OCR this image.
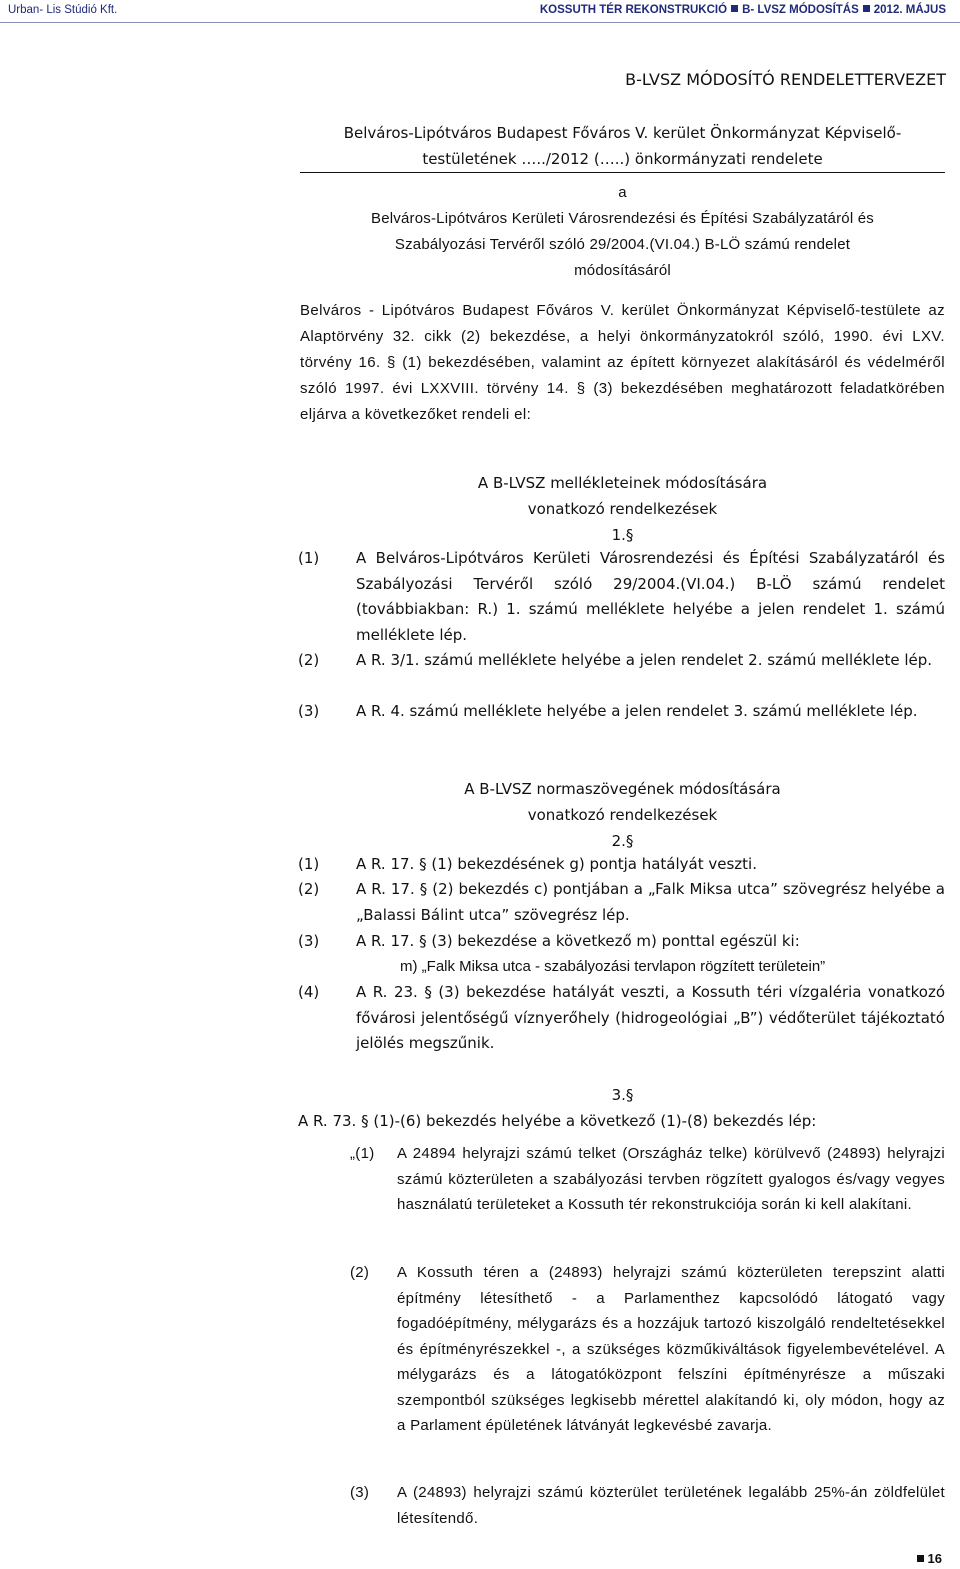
Urban- Lis Stúdió Kft.	KOSSUTH TÉR REKONSTRUKCIÓ B- LVSZ MÓDOSÍTÁS 2012. MÁJUS
B-LVSZ MÓDOSÍTÓ RENDELETTERVEZET
Belváros-Lipótváros Budapest Főváros V. kerület Önkormányzat Képviselő-
testületének …../2012 (…..) önkormányzati rendelete
a
Belváros-Lipótváros Kerületi Városrendezési és Építési Szabályzatáról és
Szabályozási Tervéről szóló 29/2004.(VI.04.) B-LÖ számú rendelet
módosításáról
Belváros - Lipótváros Budapest Főváros V. kerület Önkormányzat Képviselő-testülete az Alaptörvény 32. cikk (2) bekezdése, a helyi önkormányzatokról szóló, 1990. évi LXV. törvény 16. § (1) bekezdésében, valamint az épített környezet alakításáról és védelméről szóló 1997. évi LXXVIII. törvény 14. § (3) bekezdésében meghatározott feladatkörében eljárva a következőket rendeli el:
A B-LVSZ mellékleteinek módosítására
vonatkozó rendelkezések
1.§
(1)	A Belváros-Lipótváros Kerületi Városrendezési és Építési Szabályzatáról és Szabályozási Tervéről szóló 29/2004.(VI.04.) B-LÖ számú rendelet (továbbiakban: R.) 1. számú melléklete helyébe a jelen rendelet 1. számú melléklete lép.
(2)	A R. 3/1. számú melléklete helyébe a jelen rendelet 2. számú melléklete lép.
(3)	A R. 4. számú melléklete helyébe a jelen rendelet 3. számú melléklete lép.
A B-LVSZ normaszövegének módosítására
vonatkozó rendelkezések
2.§
(1)	A R. 17. § (1) bekezdésének g) pontja hatályát veszti.
(2)	A R. 17. § (2) bekezdés c) pontjában a „Falk Miksa utca” szövegrész helyébe a „Balassi Bálint utca” szövegrész lép.
(3)	A R. 17. § (3) bekezdése a következő m) ponttal egészül ki:
m) „Falk Miksa utca - szabályozási tervlapon rögzített területein”
(4)	A R. 23. § (3) bekezdése hatályát veszti, a Kossuth téri vízgaléria vonatkozó fővárosi jelentőségű víznyerőhely (hidrogeológiai „B”) védőterület tájékoztató jelölés megszűnik.
3.§
A R. 73. § (1)-(6) bekezdés helyébe a következő (1)-(8) bekezdés lép:
„(1)	A 24894 helyrajzi számú telket (Országház telke) körülvevő (24893) helyrajzi számú közterületen a szabályozási tervben rögzített gyalogos és/vagy vegyes használatú területeket a Kossuth tér rekonstrukciója során ki kell alakítani.
(2)	A Kossuth téren a (24893) helyrajzi számú közterületen terepszint alatti építmény létesíthető - a Parlamenthez kapcsolódó látogató vagy fogadóépítmény, mélygarázs és a hozzájuk tartozó kiszolgáló rendeltetésekkel és építményrészekkel -, a szükséges közműkiváltások figyelembevételével. A mélygarázs és a látogatóközpont felszíni építményrésze a műszaki szempontból szükséges legkisebb mérettel alakítandó ki, oly módon, hogy az a Parlament épületének látványát legkevésbé zavarja.
(3)	A (24893) helyrajzi számú közterület területének legalább 25%-án zöldfelület létesítendő.
16
